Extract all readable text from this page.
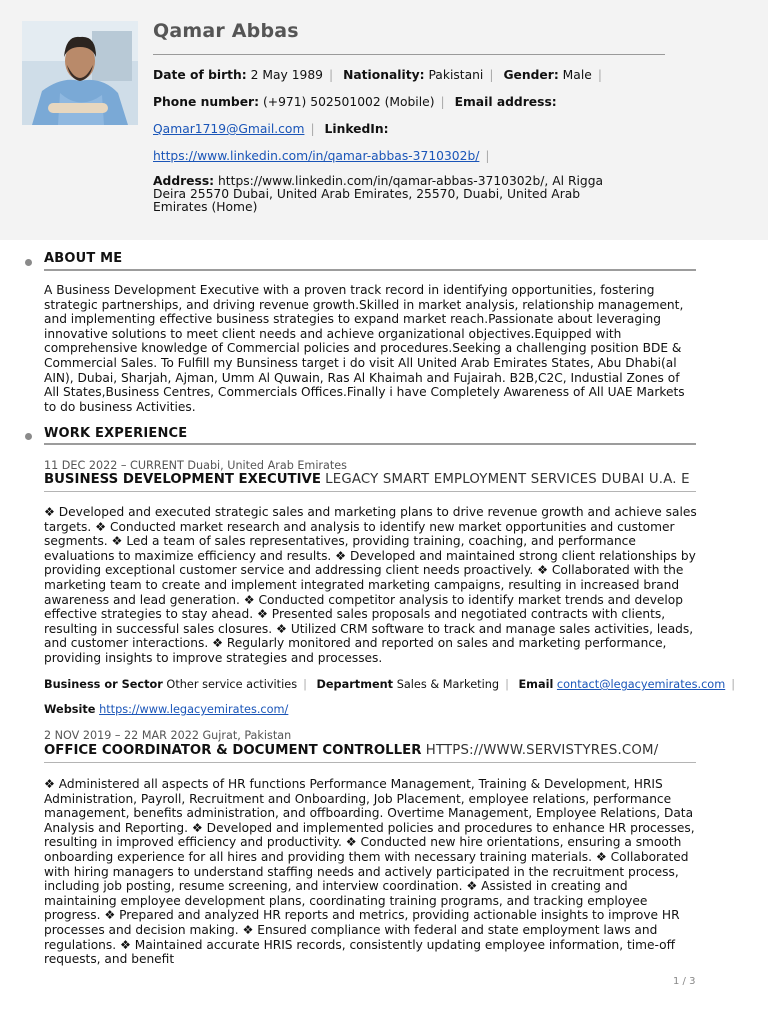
Qamar Abbas
Date of birth: 2 May 1989 | Nationality: Pakistani | Gender: Male |
Phone number: (+971) 502501002 (Mobile) | Email address:
Qamar1719@Gmail.com | LinkedIn:
https://www.linkedin.com/in/qamar-abbas-3710302b/ |
Address: https://www.linkedin.com/in/qamar-abbas-3710302b/, Al Rigga Deira 25570 Dubai, United Arab Emirates, 25570, Duabi, United Arab Emirates (Home)
ABOUT ME
A Business Development Executive with a proven track record in identifying opportunities, fostering strategic partnerships, and driving revenue growth.Skilled in market analysis, relationship management, and implementing effective business strategies to expand market reach.Passionate about leveraging innovative solutions to meet client needs and achieve organizational objectives.Equipped with comprehensive knowledge of Commercial policies and procedures.Seeking a challenging position BDE & Commercial Sales. To Fulfill my Bunsiness target i do visit All United Arab Emirates States, Abu Dhabi(al AIN), Dubai, Sharjah, Ajman, Umm Al Quwain, Ras Al Khaimah and Fujairah. B2B,C2C, Industial Zones of All States,Business Centres, Commercials Offices.Finally i have Completely Awareness of All UAE Markets to do business Activities.
WORK EXPERIENCE
11 DEC 2022 – CURRENT Duabi, United Arab Emirates
BUSINESS DEVELOPMENT EXECUTIVE LEGACY SMART EMPLOYMENT SERVICES DUBAI U.A. E
❖ Developed and executed strategic sales and marketing plans to drive revenue growth and achieve sales targets. ❖ Conducted market research and analysis to identify new market opportunities and customer segments. ❖ Led a team of sales representatives, providing training, coaching, and performance evaluations to maximize efficiency and results. ❖ Developed and maintained strong client relationships by providing exceptional customer service and addressing client needs proactively. ❖ Collaborated with the marketing team to create and implement integrated marketing campaigns, resulting in increased brand awareness and lead generation. ❖ Conducted competitor analysis to identify market trends and develop effective strategies to stay ahead. ❖ Presented sales proposals and negotiated contracts with clients, resulting in successful sales closures. ❖ Utilized CRM software to track and manage sales activities, leads, and customer interactions. ❖ Regularly monitored and reported on sales and marketing performance, providing insights to improve strategies and processes.
Business or Sector Other service activities | Department Sales & Marketing | Email contact@legacyemirates.com |
Website https://www.legacyemirates.com/
2 NOV 2019 – 22 MAR 2022 Gujrat, Pakistan
OFFICE COORDINATOR & DOCUMENT CONTROLLER HTTPS://WWW.SERVISTYRES.COM/
❖ Administered all aspects of HR functions Performance Management, Training & Development, HRIS Administration, Payroll, Recruitment and Onboarding, Job Placement, employee relations, performance management, benefits administration, and offboarding. Overtime Management, Employee Relations, Data Analysis and Reporting. ❖ Developed and implemented policies and procedures to enhance HR processes, resulting in improved efficiency and productivity. ❖ Conducted new hire orientations, ensuring a smooth onboarding experience for all hires and providing them with necessary training materials. ❖ Collaborated with hiring managers to understand staffing needs and actively participated in the recruitment process, including job posting, resume screening, and interview coordination. ❖ Assisted in creating and maintaining employee development plans, coordinating training programs, and tracking employee progress. ❖ Prepared and analyzed HR reports and metrics, providing actionable insights to improve HR processes and decision making. ❖ Ensured compliance with federal and state employment laws and regulations. ❖ Maintained accurate HRIS records, consistently updating employee information, time-off requests, and benefit
1 / 3
